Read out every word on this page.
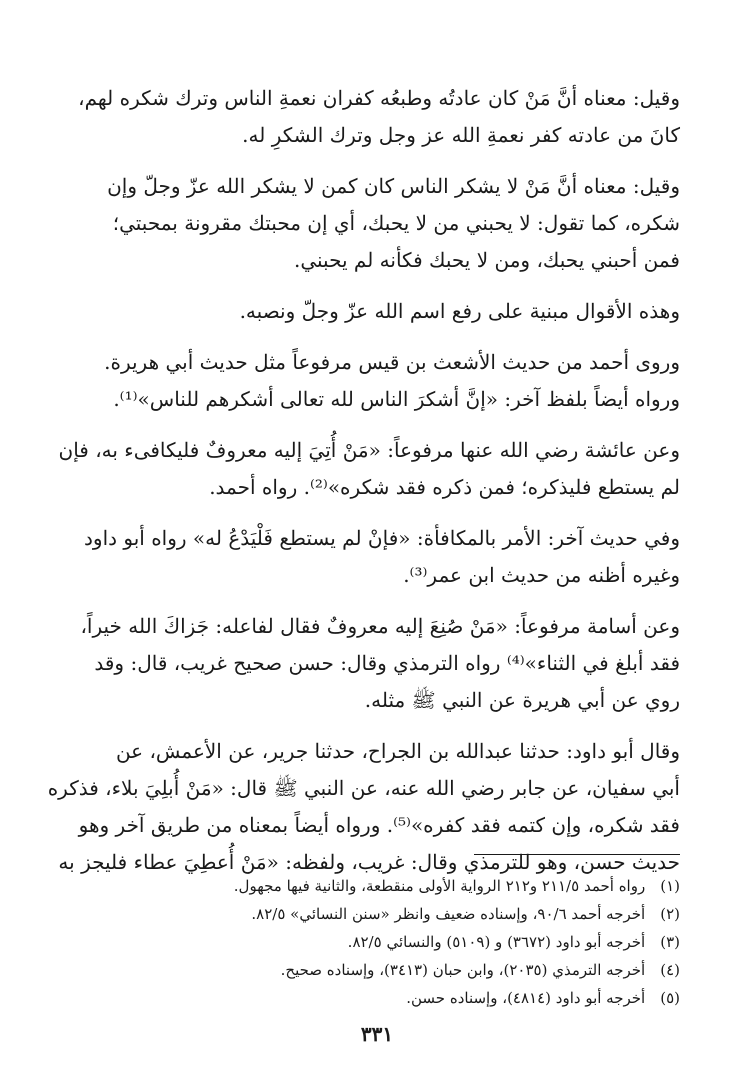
وقيل: معناه أنَّ مَنْ كان عادتُه وطبعُه كفران نعمةِ الناس وترك شكره لهم،
كانَ من عادته كفر نعمةِ الله عز وجل وترك الشكرِ له.

وقيل: معناه أنَّ مَنْ لا يشكر الناس كان كمن لا يشكر الله عزّ وجلّ وإن
شكره، كما تقول: لا يحبني من لا يحبك، أي إن محبتك مقرونة بمحبتي؛
فمن أحبني يحبك، ومن لا يحبك فكأنه لم يحبني.

وهذه الأقوال مبنية على رفع اسم الله عزّ وجلّ ونصبه.

وروى أحمد من حديث الأشعث بن قيس مرفوعاً مثل حديث أبي هريرة.
ورواه أيضاً بلفظ آخر: «إنَّ أشكرَ الناس لله تعالى أشكرهم للناس»⁽¹⁾.

وعن عائشة رضي الله عنها مرفوعاً: «مَنْ أُتِيَ إليه معروفٌ فليكافىء به، فإن
لم يستطع فليذكره؛ فمن ذكره فقد شكره»⁽²⁾. رواه أحمد.

وفي حديث آخر: الأمر بالمكافأة: «فإنْ لم يستطع فَلْيَدْعُ له» رواه أبو داود
وغيره أظنه من حديث ابن عمر⁽³⁾.

وعن أسامة مرفوعاً: «مَنْ صُنِعَ إليه معروفٌ فقال لفاعله: جَزاكَ الله خيراً،
فقد أبلغ في الثناء»⁽⁴⁾ رواه الترمذي وقال: حسن صحيح غريب، قال: وقد
روي عن أبي هريرة عن النبي ﷺ مثله.

وقال أبو داود: حدثنا عبدالله بن الجراح، حدثنا جرير، عن الأعمش، عن
أبي سفيان، عن جابر رضي الله عنه، عن النبي ﷺ قال: «مَنْ أُبلِيَ بلاء، فذكره
فقد شكره، وإن كتمه فقد كفره»⁽⁵⁾. ورواه أيضاً بمعناه من طريق آخر وهو
حديث حسن، وهو للترمذي وقال: غريب، ولفظه: «مَنْ أُعطِيَ عطاء فليجز به

(١) رواه أحمد ٢١١/٥ و٢١٢ الرواية الأولى منقطعة، والثانية فيها مجهول.
(٢) أخرجه أحمد ٩٠/٦، وإسناده ضعيف وانظر «سنن النسائي» ٨٢/٥.
(٣) أخرجه أبو داود (٣٦٧٢) و (٥١٠٩) والنسائي ٨٢/٥.
(٤) أخرجه الترمذي (٢٠٣٥)، وابن حبان (٣٤١٣)، وإسناده صحيح.
(٥) أخرجه أبو داود (٤٨١٤)، وإسناده حسن.
٣٣١
